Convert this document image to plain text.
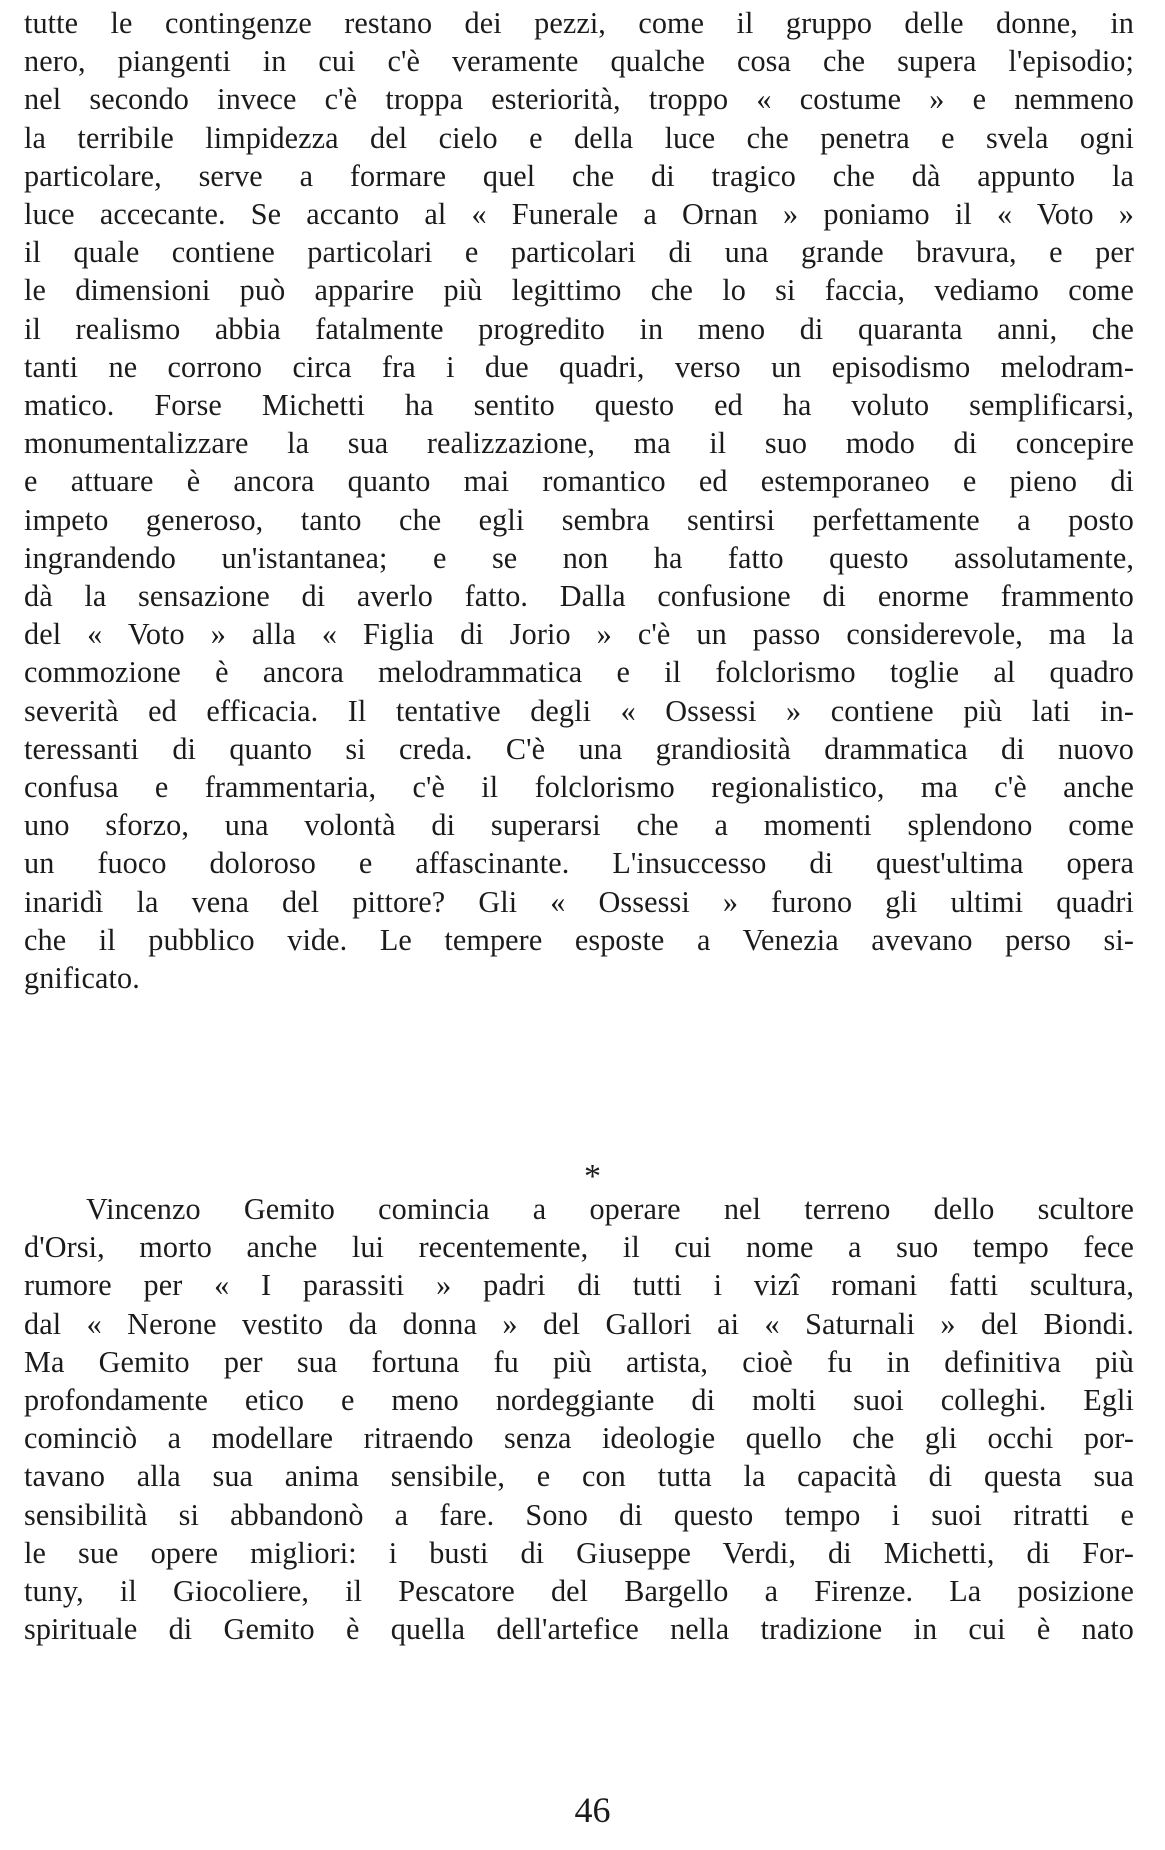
tutte le contingenze restano dei pezzi, come il gruppo delle donne, in
nero, piangenti in cui c'è veramente qualche cosa che supera l'episodio;
nel secondo invece c'è troppa esteriorità, troppo « costume » e nemmeno
la terribile limpidezza del cielo e della luce che penetra e svela ogni
particolare, serve a formare quel che di tragico che dà appunto la
luce accecante. Se accanto al « Funerale a Ornan » poniamo il « Voto »
il quale contiene particolari e particolari di una grande bravura, e per
le dimensioni può apparire più legittimo che lo si faccia, vediamo come
il realismo abbia fatalmente progredito in meno di quaranta anni, che
tanti ne corrono circa fra i due quadri, verso un episodismo melodram-
matico. Forse Michetti ha sentito questo ed ha voluto semplificarsi,
monumentalizzare la sua realizzazione, ma il suo modo di concepire
e attuare è ancora quanto mai romantico ed estemporaneo e pieno di
impeto generoso, tanto che egli sembra sentirsi perfettamente a posto
ingrandendo un'istantanea; e se non ha fatto questo assolutamente,
dà la sensazione di averlo fatto. Dalla confusione di enorme frammento
del « Voto » alla « Figlia di Jorio » c'è un passo considerevole, ma la
commozione è ancora melodrammatica e il folclorismo toglie al quadro
severità ed efficacia. Il tentative degli « Ossessi » contiene più lati in-
teressanti di quanto si creda. C'è una grandiosità drammatica di nuovo
confusa e frammentaria, c'è il folclorismo regionalistico, ma c'è anche
uno sforzo, una volontà di superarsi che a momenti splendono come
un fuoco doloroso e affascinante. L'insuccesso di quest'ultima opera
inaridì la vena del pittore? Gli « Ossessi » furono gli ultimi quadri
che il pubblico vide. Le tempere esposte a Venezia avevano perso si-
gnificato.
*
Vincenzo Gemito comincia a operare nel terreno dello scultore
d'Orsi, morto anche lui recentemente, il cui nome a suo tempo fece
rumore per « I parassiti » padri di tutti i vizî romani fatti scultura,
dal « Nerone vestito da donna » del Gallori ai « Saturnali » del Biondi.
Ma Gemito per sua fortuna fu più artista, cioè fu in definitiva più
profondamente etico e meno nordeggiante di molti suoi colleghi. Egli
cominciò a modellare ritraendo senza ideologie quello che gli occhi por-
tavano alla sua anima sensibile, e con tutta la capacità di questa sua
sensibilità si abbandonò a fare. Sono di questo tempo i suoi ritratti e
le sue opere migliori: i busti di Giuseppe Verdi, di Michetti, di For-
tuny, il Giocoliere, il Pescatore del Bargello a Firenze. La posizione
spirituale di Gemito è quella dell'artefice nella tradizione in cui è nato
46
